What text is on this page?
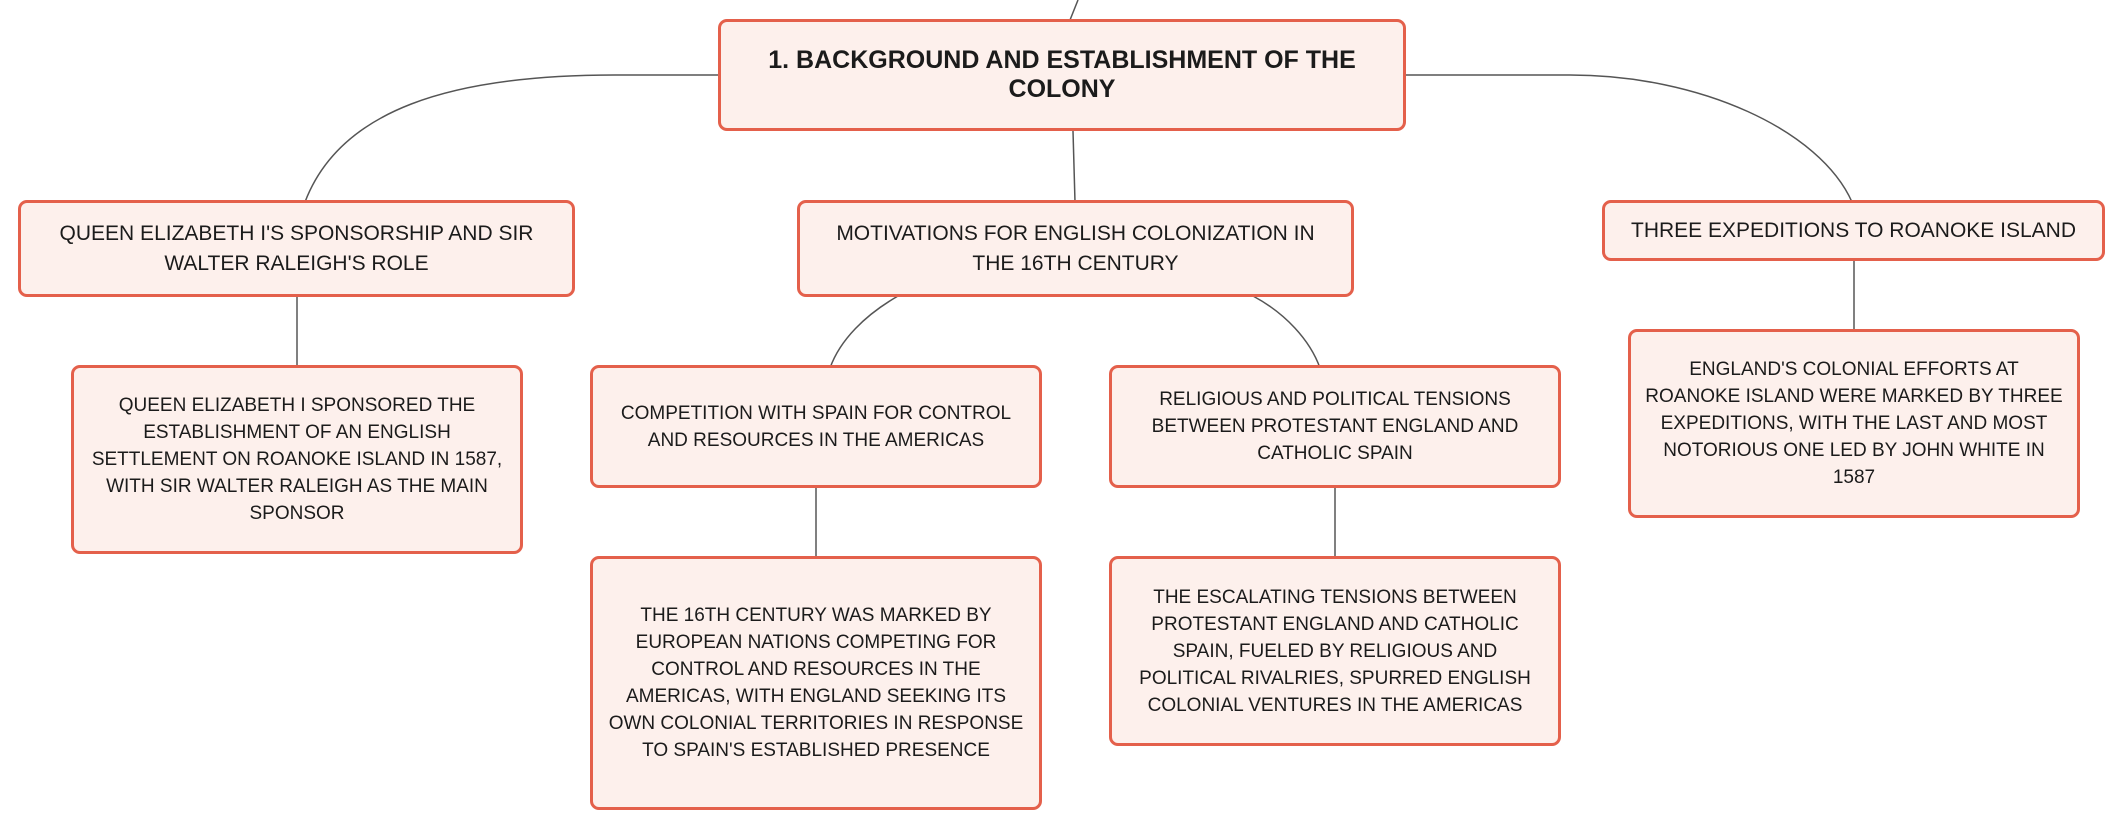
1. BACKGROUND AND ESTABLISHMENT OF THE COLONY
QUEEN ELIZABETH I'S SPONSORSHIP AND SIR WALTER RALEIGH'S ROLE
MOTIVATIONS FOR ENGLISH COLONIZATION IN THE 16TH CENTURY
THREE EXPEDITIONS TO ROANOKE ISLAND
QUEEN ELIZABETH I SPONSORED THE ESTABLISHMENT OF AN ENGLISH SETTLEMENT ON ROANOKE ISLAND IN 1587, WITH SIR WALTER RALEIGH AS THE MAIN SPONSOR
COMPETITION WITH SPAIN FOR CONTROL AND RESOURCES IN THE AMERICAS
RELIGIOUS AND POLITICAL TENSIONS BETWEEN PROTESTANT ENGLAND AND CATHOLIC SPAIN
THE 16TH CENTURY WAS MARKED BY EUROPEAN NATIONS COMPETING FOR CONTROL AND RESOURCES IN THE AMERICAS, WITH ENGLAND SEEKING ITS OWN COLONIAL TERRITORIES IN RESPONSE TO SPAIN'S ESTABLISHED PRESENCE
THE ESCALATING TENSIONS BETWEEN PROTESTANT ENGLAND AND CATHOLIC SPAIN, FUELED BY RELIGIOUS AND POLITICAL RIVALRIES, SPURRED ENGLISH COLONIAL VENTURES IN THE AMERICAS
ENGLAND'S COLONIAL EFFORTS AT ROANOKE ISLAND WERE MARKED BY THREE EXPEDITIONS, WITH THE LAST AND MOST NOTORIOUS ONE LED BY JOHN WHITE IN 1587
